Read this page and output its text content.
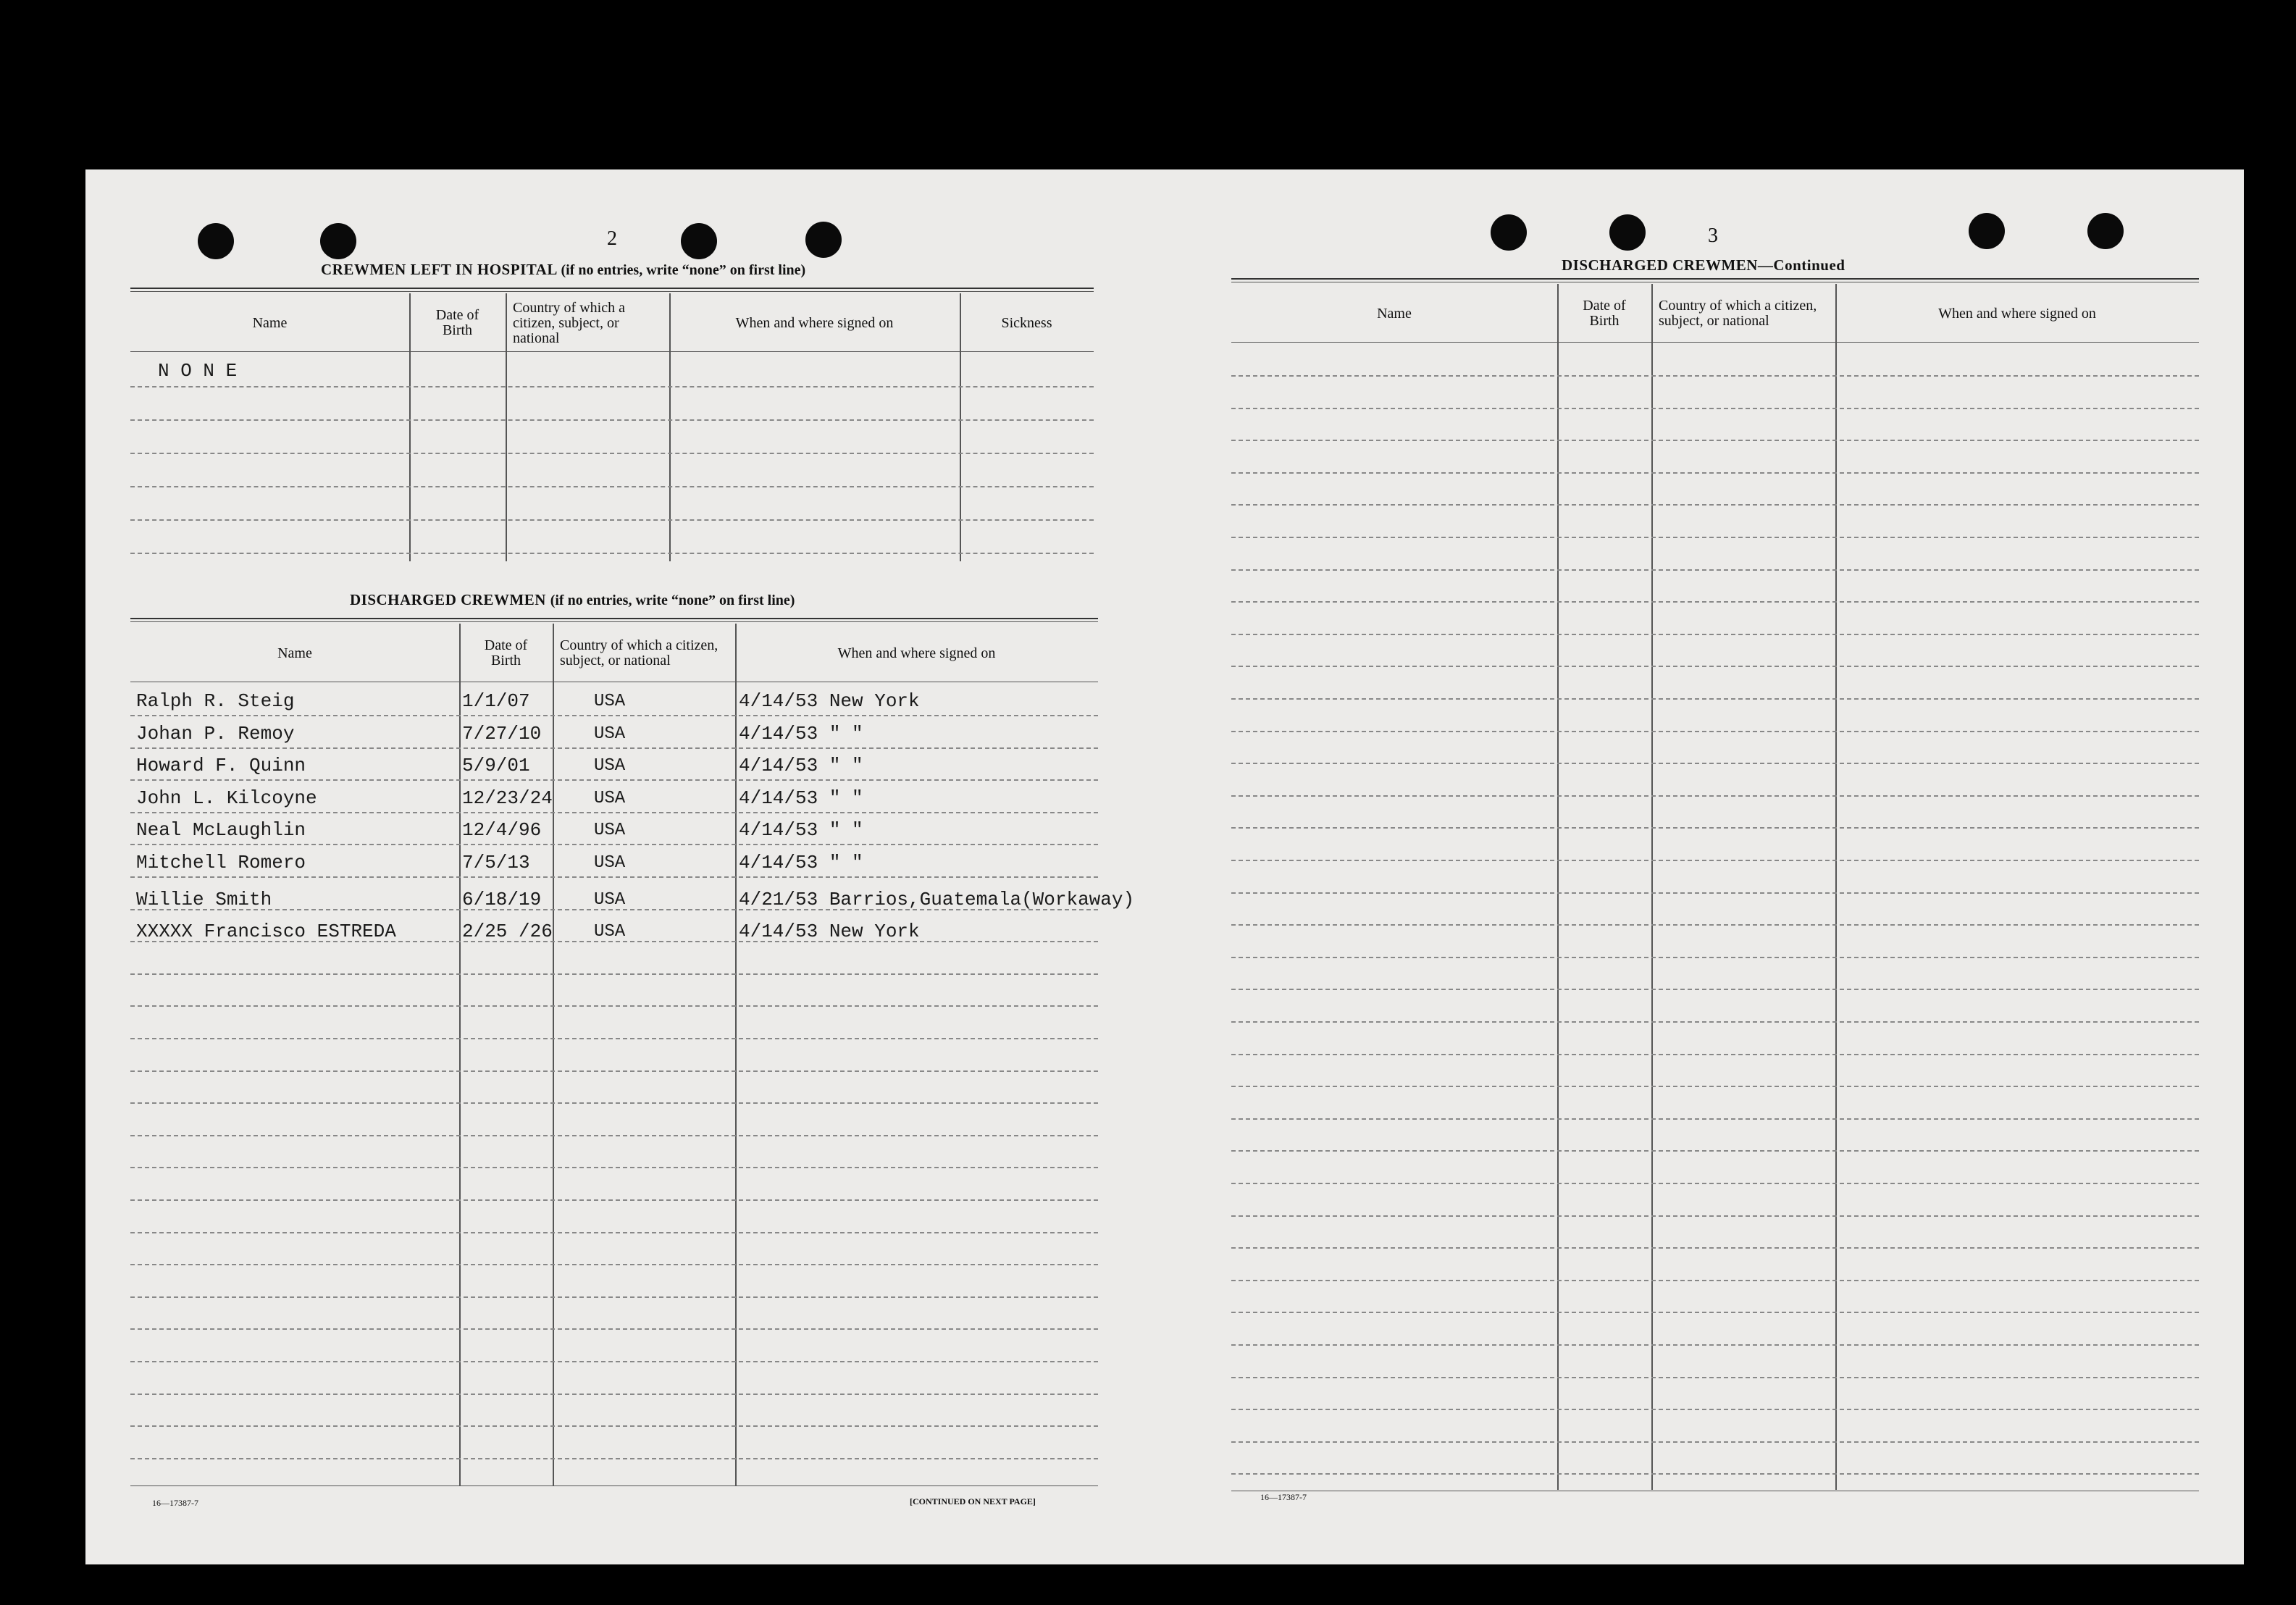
2
CREWMEN LEFT IN HOSPITAL (if no entries, write “none” on first line)
Name	Date of Birth
Country of which a citizen, subject, or national
When and where signed on	Sickness
N O N E
DISCHARGED CREWMEN (if no entries, write “none” on first line)
Name	Date of Birth
Country of which a citizen, subject, or national	When and where signed on
Ralph R. Steig	1/1/07	USA	4/14/53 New York
Johan P. Remoy	7/27/10	USA	4/14/53 " "
Howard F. Quinn	5/9/01	USA	4/14/53 " "
John L. Kilcoyne	12/23/24 USA	4/14/53 " "
Neal McLaughlin	12/4/96	USA	4/14/53 " "
Mitchell Romero	7/5/13	USA	4/14/53 " "
Willie Smith	6/18/19	USA	4/21/53 Barrios,Guatemala(Workaway)
XXXXX Francisco ESTREDA	2/25 /26 USA	4/14/53 New York
16—17387-7	[CONTINUED ON NEXT PAGE]
3
DISCHARGED CREWMEN—Continued
Name	Date of Birth
Country of which a citizen, subject, or national	When and where signed on
16—17387-7
